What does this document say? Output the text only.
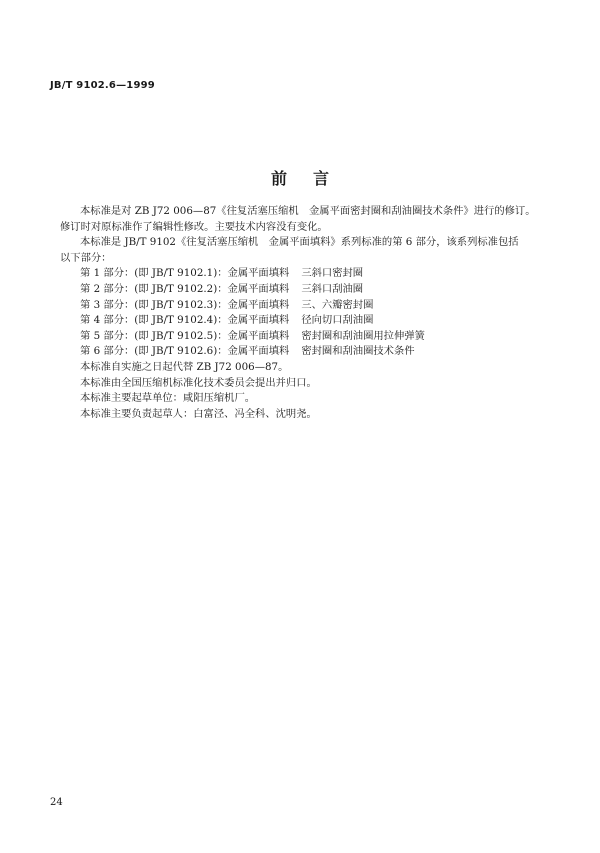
JB/T 9102.6—1999
前言

本标准是对 ZB J72 006—87《往复活塞压缩机　金属平面密封圈和刮油圈技术条件》进行的修订。

修订时对原标准作了编辑性修改。主要技术内容没有变化。

本标准是 JB/T 9102《往复活塞压缩机　金属平面填料》系列标准的第 6 部分，该系列标准包括

以下部分：

第 1 部分：(即 JB/T 9102.1)： 金属平面填料 三斜口密封圈
第 2 部分：(即 JB/T 9102.2)： 金属平面填料 三斜口刮油圈
第 3 部分：(即 JB/T 9102.3)： 金属平面填料 三、六瓣密封圈
第 4 部分：(即 JB/T 9102.4)： 金属平面填料 径向切口刮油圈
第 5 部分：(即 JB/T 9102.5)： 金属平面填料 密封圈和刮油圈用拉伸弹簧
第 6 部分：(即 JB/T 9102.6)： 金属平面填料 密封圈和刮油圈技术条件

本标准自实施之日起代替 ZB J72 006—87。

本标准由全国压缩机标准化技术委员会提出并归口。

本标准主要起草单位：咸阳压缩机厂。

本标准主要负责起草人：白富泾、冯全科、沈明尧。

24
